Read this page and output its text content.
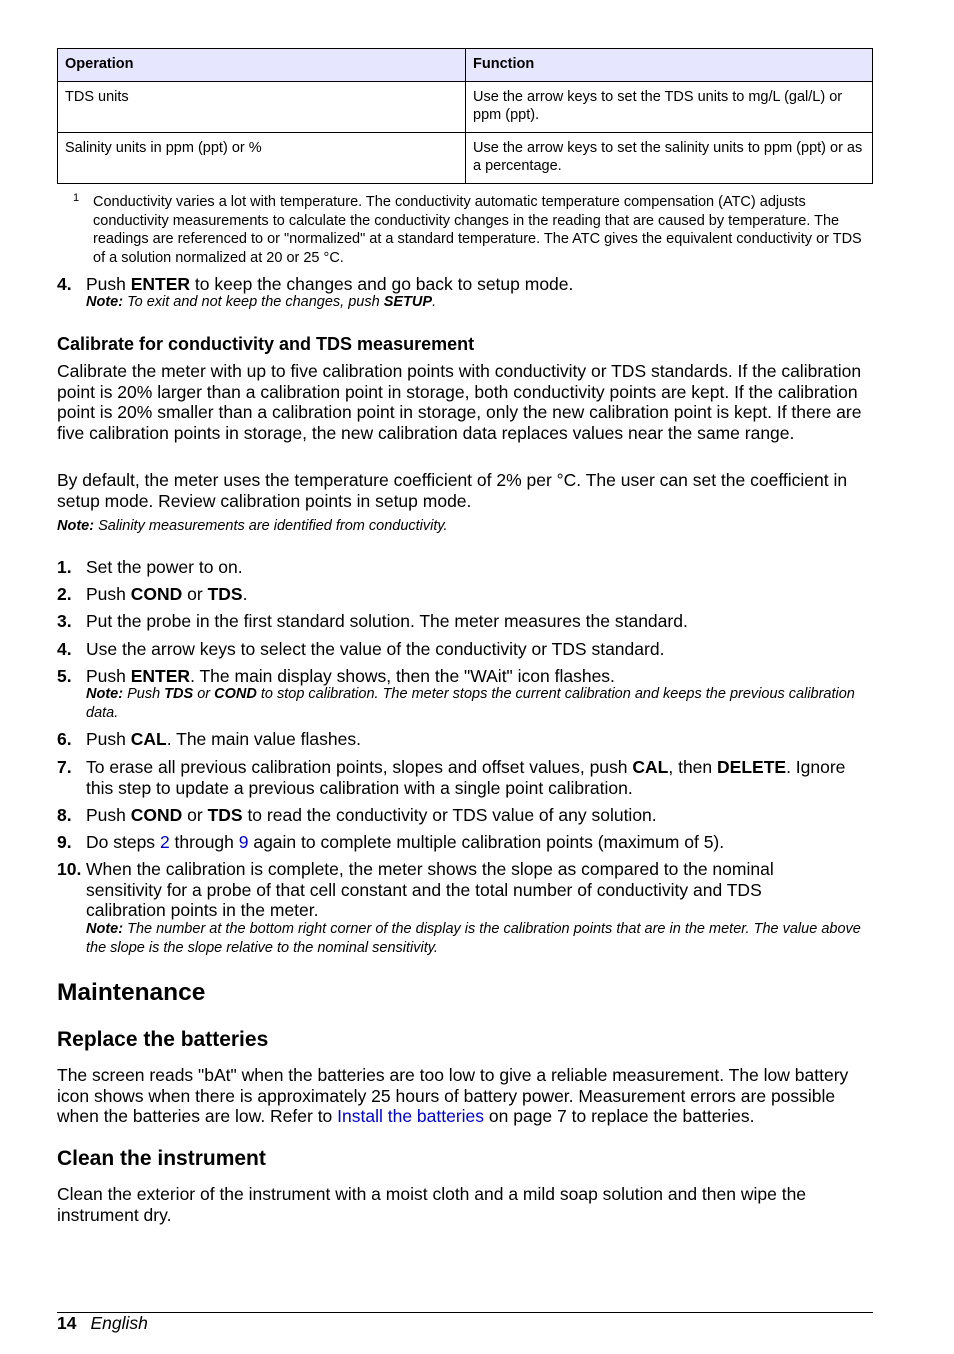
Operation	Function
TDS units	Use the arrow keys to set the TDS units to mg/L (gal/L) or ppm (ppt).
Salinity units in ppm (ppt) or %	Use the arrow keys to set the salinity units to ppm (ppt) or as a percentage.
1 Conductivity varies a lot with temperature. The conductivity automatic temperature compensation (ATC) adjusts conductivity measurements to calculate the conductivity changes in the reading that are caused by temperature. The readings are referenced to or "normalized" at a standard temperature. The ATC gives the equivalent conductivity or TDS of a solution normalized at 20 or 25 °C.
4. Push ENTER to keep the changes and go back to setup mode.
Note: To exit and not keep the changes, push SETUP.
Calibrate for conductivity and TDS measurement
Calibrate the meter with up to five calibration points with conductivity or TDS standards. If the calibration point is 20% larger than a calibration point in storage, both conductivity points are kept. If the calibration point is 20% smaller than a calibration point in storage, only the new calibration point is kept. If there are five calibration points in storage, the new calibration data replaces values near the same range.
By default, the meter uses the temperature coefficient of 2% per °C. The user can set the coefficient in setup mode. Review calibration points in setup mode.
Note: Salinity measurements are identified from conductivity.
1. Set the power to on.
2. Push COND or TDS.
3. Put the probe in the first standard solution. The meter measures the standard.
4. Use the arrow keys to select the value of the conductivity or TDS standard.
5. Push ENTER. The main display shows, then the "WAit" icon flashes.
Note: Push TDS or COND to stop calibration. The meter stops the current calibration and keeps the previous calibration data.
6. Push CAL. The main value flashes.
7. To erase all previous calibration points, slopes and offset values, push CAL, then DELETE. Ignore this step to update a previous calibration with a single point calibration.
8. Push COND or TDS to read the conductivity or TDS value of any solution.
9. Do steps 2 through 9 again to complete multiple calibration points (maximum of 5).
10. When the calibration is complete, the meter shows the slope as compared to the nominal sensitivity for a probe of that cell constant and the total number of conductivity and TDS calibration points in the meter.
Note: The number at the bottom right corner of the display is the calibration points that are in the meter. The value above the slope is the slope relative to the nominal sensitivity.
Maintenance
Replace the batteries
The screen reads "bAt" when the batteries are too low to give a reliable measurement. The low battery icon shows when there is approximately 25 hours of battery power. Measurement errors are possible when the batteries are low. Refer to Install the batteries on page 7 to replace the batteries.
Clean the instrument
Clean the exterior of the instrument with a moist cloth and a mild soap solution and then wipe the instrument dry.
14 English
